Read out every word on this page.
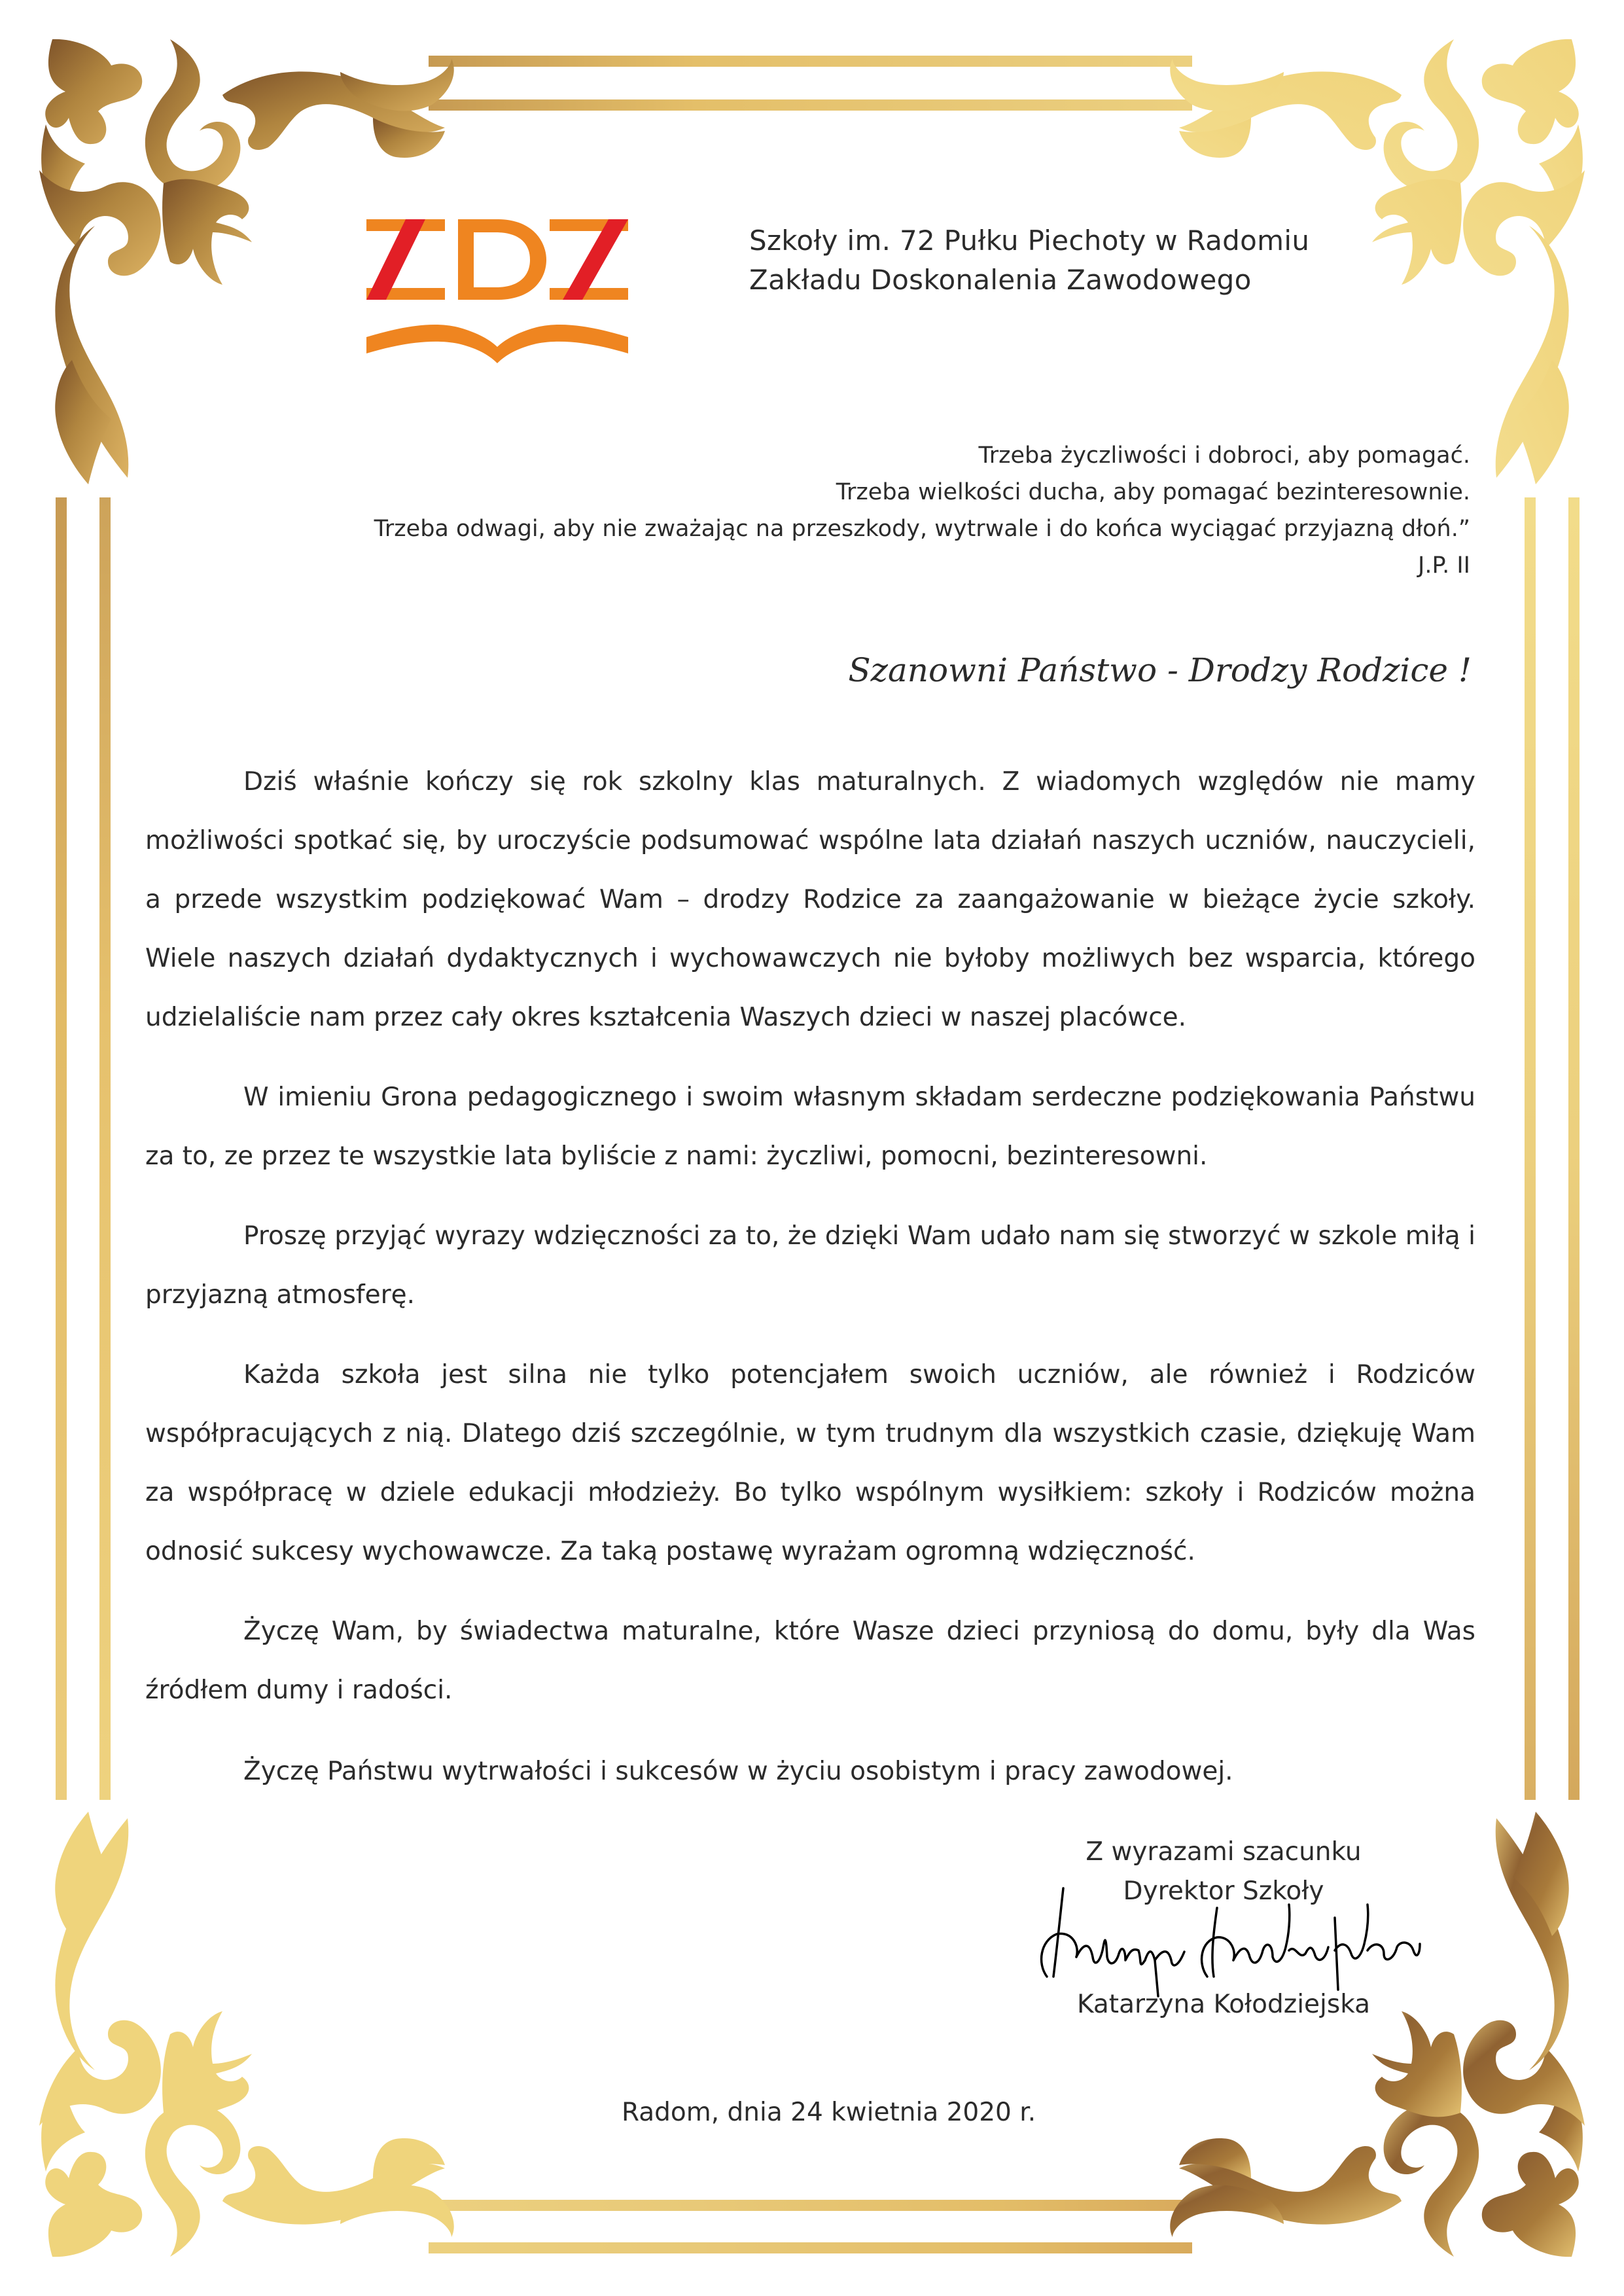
Szkoły im. 72 Pułku Piechoty w Radomiu
Zakładu Doskonalenia Zawodowego
Trzeba życzliwości i dobroci, aby pomagać.
Trzeba wielkości ducha, aby pomagać bezinteresownie.
Trzeba odwagi, aby nie zważając na przeszkody, wytrwale i do końca wyciągać przyjazną dłoń.”
J.P. II
Szanowni Państwo - Drodzy Rodzice !

Dziś właśnie kończy się rok szkolny klas maturalnych. Z wiadomych względów nie mamy możliwości spotkać się, by uroczyście podsumować wspólne lata działań naszych uczniów, nauczycieli, a przede wszystkim podziękować Wam – drodzy Rodzice za zaangażowanie w bieżące życie szkoły. Wiele naszych działań dydaktycznych i wychowawczych nie byłoby możliwych bez wsparcia, którego udzielaliście nam przez cały okres kształcenia Waszych dzieci w naszej placówce.

W imieniu Grona pedagogicznego i swoim własnym składam serdeczne podziękowania Państwu za to, ze przez te wszystkie lata byliście z nami: życzliwi, pomocni, bezinteresowni.

Proszę przyjąć wyrazy wdzięczności za to, że dzięki Wam udało nam się stworzyć w szkole miłą i przyjazną atmosferę.

Każda szkoła jest silna nie tylko potencjałem swoich uczniów, ale również i Rodziców współpracujących z nią. Dlatego dziś szczególnie, w tym trudnym dla wszystkich czasie, dziękuję Wam za współpracę w dziele edukacji młodzieży. Bo tylko wspólnym wysiłkiem: szkoły i Rodziców można odnosić sukcesy wychowawcze. Za taką postawę wyrażam ogromną wdzięczność.

Życzę Wam, by świadectwa maturalne, które Wasze dzieci przyniosą do domu, były dla Was źródłem dumy i radości.

Życzę Państwu wytrwałości i sukcesów w życiu osobistym i pracy zawodowej.

Z wyrazami szacunku
Dyrektor Szkoły
Katarzyna Kołodziejska
Radom, dnia 24 kwietnia 2020 r.
